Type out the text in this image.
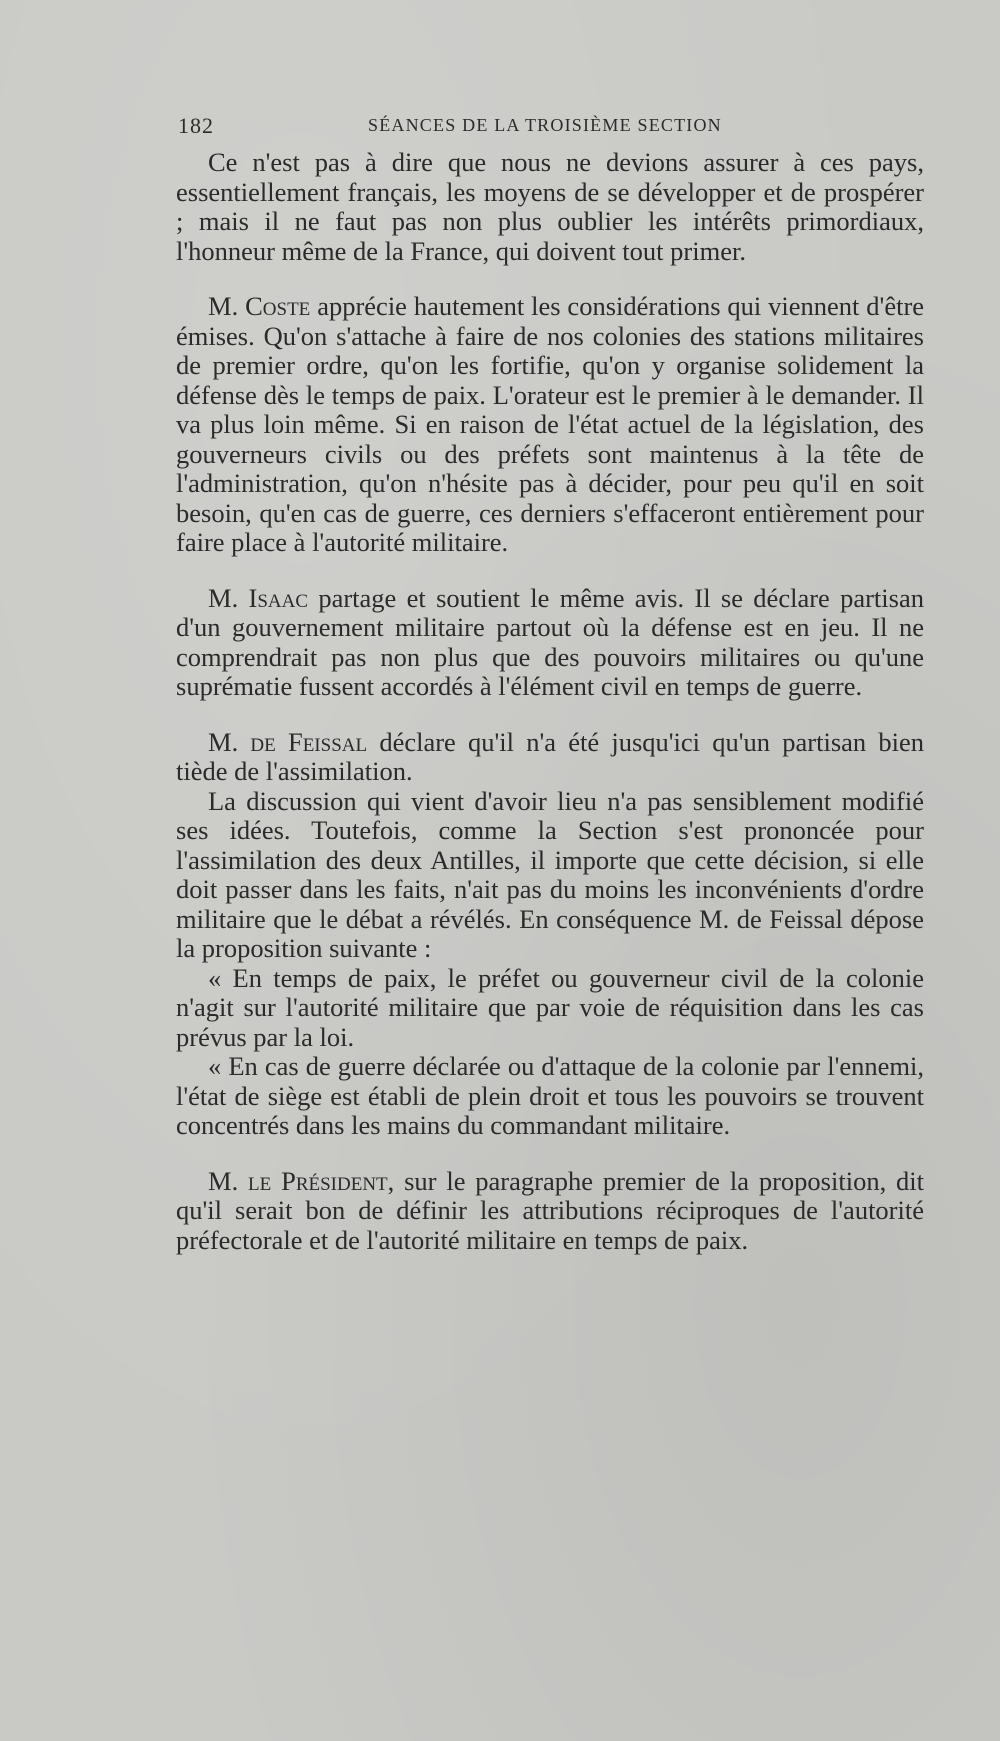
182	SÉANCES DE LA TROISIÈME SECTION

Ce n'est pas à dire que nous ne devions assurer à ces pays, essentiellement français, les moyens de se développer et de prospérer ; mais il ne faut pas non plus oublier les intérêts primordiaux, l'honneur même de la France, qui doivent tout primer.

M. Coste apprécie hautement les considérations qui viennent d'être émises. Qu'on s'attache à faire de nos colonies des stations militaires de premier ordre, qu'on les fortifie, qu'on y organise solidement la défense dès le temps de paix. L'orateur est le premier à le demander. Il va plus loin même. Si en raison de l'état actuel de la législation, des gouverneurs civils ou des préfets sont maintenus à la tête de l'administration, qu'on n'hésite pas à décider, pour peu qu'il en soit besoin, qu'en cas de guerre, ces derniers s'effaceront entièrement pour faire place à l'autorité militaire.

M. Isaac partage et soutient le même avis. Il se déclare partisan d'un gouvernement militaire partout où la défense est en jeu. Il ne comprendrait pas non plus que des pouvoirs militaires ou qu'une suprématie fussent accordés à l'élément civil en temps de guerre.

M. de Feissal déclare qu'il n'a été jusqu'ici qu'un partisan bien tiède de l'assimilation.

La discussion qui vient d'avoir lieu n'a pas sensiblement modifié ses idées. Toutefois, comme la Section s'est prononcée pour l'assimilation des deux Antilles, il importe que cette décision, si elle doit passer dans les faits, n'ait pas du moins les inconvénients d'ordre militaire que le débat a révélés. En conséquence M. de Feissal dépose la proposition suivante :

« En temps de paix, le préfet ou gouverneur civil de la colonie n'agit sur l'autorité militaire que par voie de réquisition dans les cas prévus par la loi.

« En cas de guerre déclarée ou d'attaque de la colonie par l'ennemi, l'état de siège est établi de plein droit et tous les pouvoirs se trouvent concentrés dans les mains du commandant militaire.

M. le Président, sur le paragraphe premier de la proposition, dit qu'il serait bon de définir les attributions réciproques de l'autorité préfectorale et de l'autorité militaire en temps de paix.
